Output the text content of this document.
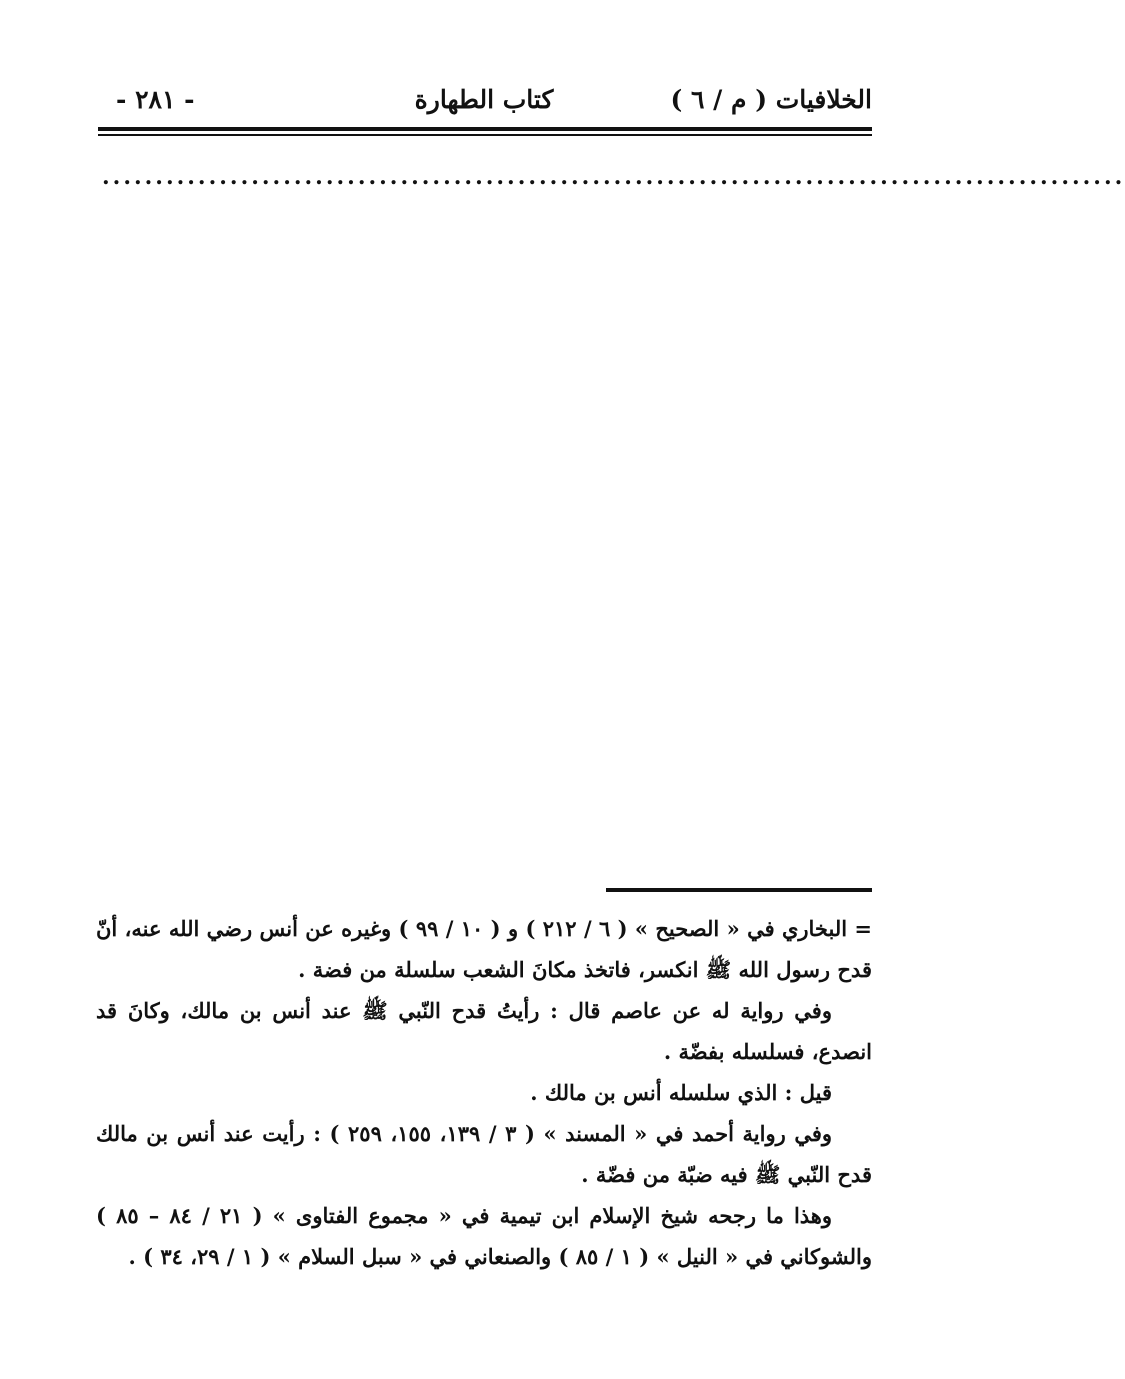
الخلافيات ( م / ٦ )
كتاب الطهارة
- ٢٨١ -
................................................................................................

= البخاري في « الصحيح » ( ٦ / ٢١٢ ) و ( ١٠ / ٩٩ ) وغيره عن أنس رضي الله عنه، أنّ قدح رسول الله ﷺ انكسر، فاتخذ مكانَ الشعب سلسلة من فضة .

وفي رواية له عن عاصم قال : رأيتُ قدح النّبي ﷺ عند أنس بن مالك، وكانَ قد انصدع، فسلسله بفضّة .

قيل : الذي سلسله أنس بن مالك .

وفي رواية أحمد في « المسند » ( ٣ / ١٣٩، ١٥٥، ٢٥٩ ) : رأيت عند أنس بن مالك قدح النّبي ﷺ فيه ضبّة من فضّة .

وهذا ما رجحه شيخ الإسلام ابن تيمية في « مجموع الفتاوى » ( ٢١ / ٨٤ – ٨٥ ) والشوكاني في « النيل » ( ١ / ٨٥ ) والصنعاني في « سبل السلام » ( ١ / ٢٩، ٣٤ ) .
